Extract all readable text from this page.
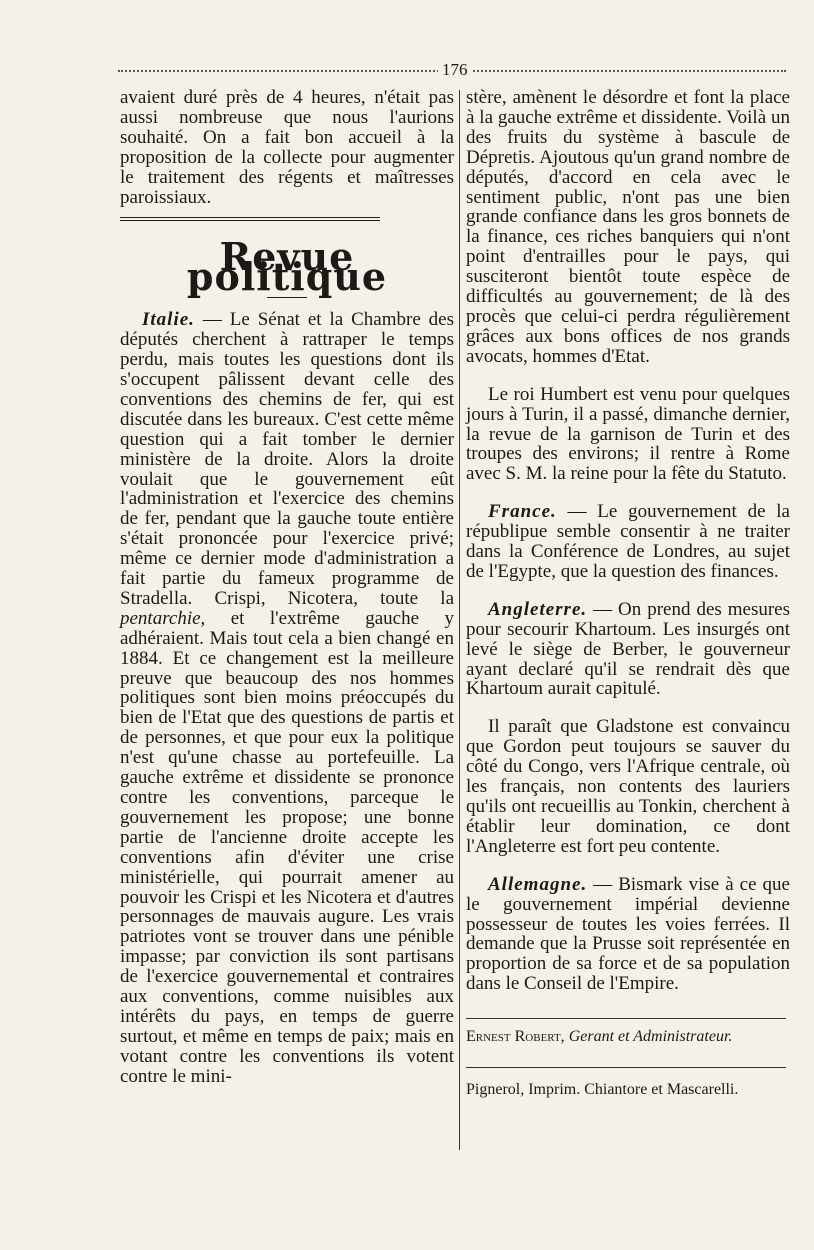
176

avaient duré près de 4 heures, n'était pas aussi nombreuse que nous l'aurions souhaité. On a fait bon accueil à la proposition de la collecte pour augmenter le traitement des régents et maîtresses paroissiaux.

Revue politique

Italie. — Le Sénat et la Chambre des députés cherchent à rattraper le temps perdu, mais toutes les questions dont ils s'occupent pâlissent devant celle des conventions des chemins de fer, qui est discutée dans les bureaux. C'est cette même question qui a fait tomber le dernier ministère de la droite. Alors la droite voulait que le gouvernement eût l'administration et l'exercice des chemins de fer, pendant que la gauche toute entière s'était prononcée pour l'exercice privé; même ce dernier mode d'administration a fait partie du fameux programme de Stradella. Crispi, Nicotera, toute la pentarchie, et l'extrême gauche y adhéraient. Mais tout cela a bien changé en 1884. Et ce changement est la meilleure preuve que beaucoup des nos hommes politiques sont bien moins préoccupés du bien de l'Etat que des questions de partis et de personnes, et que pour eux la politique n'est qu'une chasse au portefeuille. La gauche extrême et dissidente se prononce contre les conventions, parceque le gouvernement les propose; une bonne partie de l'ancienne droite accepte les conventions afin d'éviter une crise ministérielle, qui pourrait amener au pouvoir les Crispi et les Nicotera et d'autres personnages de mauvais augure. Les vrais patriotes vont se trouver dans une pénible impasse; par conviction ils sont partisans de l'exercice gouvernemental et contraires aux conventions, comme nuisibles aux intérêts du pays, en temps de guerre surtout, et même en temps de paix; mais en votant contre les conventions ils votent contre le mini-

stère, amènent le désordre et font la place à la gauche extrême et dissidente. Voilà un des fruits du système à bascule de Dépretis. Ajoutous qu'un grand nombre de députés, d'accord en cela avec le sentiment public, n'ont pas une bien grande confiance dans les gros bonnets de la finance, ces riches banquiers qui n'ont point d'entrailles pour le pays, qui susciteront bientôt toute espèce de difficultés au gouvernement; de là des procès que celui-ci perdra régulièrement grâces aux bons offices de nos grands avocats, hommes d'Etat.

Le roi Humbert est venu pour quelques jours à Turin, il a passé, dimanche dernier, la revue de la garnison de Turin et des troupes des environs; il rentre à Rome avec S. M. la reine pour la fête du Statuto.

France. — Le gouvernement de la républipue semble consentir à ne traiter dans la Conférence de Londres, au sujet de l'Egypte, que la question des finances.

Angleterre. — On prend des mesures pour secourir Khartoum. Les insurgés ont levé le siège de Berber, le gouverneur ayant declaré qu'il se rendrait dès que Khartoum aurait capitulé.

Il paraît que Gladstone est convaincu que Gordon peut toujours se sauver du côté du Congo, vers l'Afrique centrale, où les français, non contents des lauriers qu'ils ont recueillis au Tonkin, cherchent à établir leur domination, ce dont l'Angleterre est fort peu contente.

Allemagne. — Bismark vise à ce que le gouvernement impérial devienne possesseur de toutes les voies ferrées. Il demande que la Prusse soit représentée en proportion de sa force et de sa population dans le Conseil de l'Empire.

Ernest Robert, Gerant et Administrateur.

Pignerol, Imprim. Chiantore et Mascarelli.
